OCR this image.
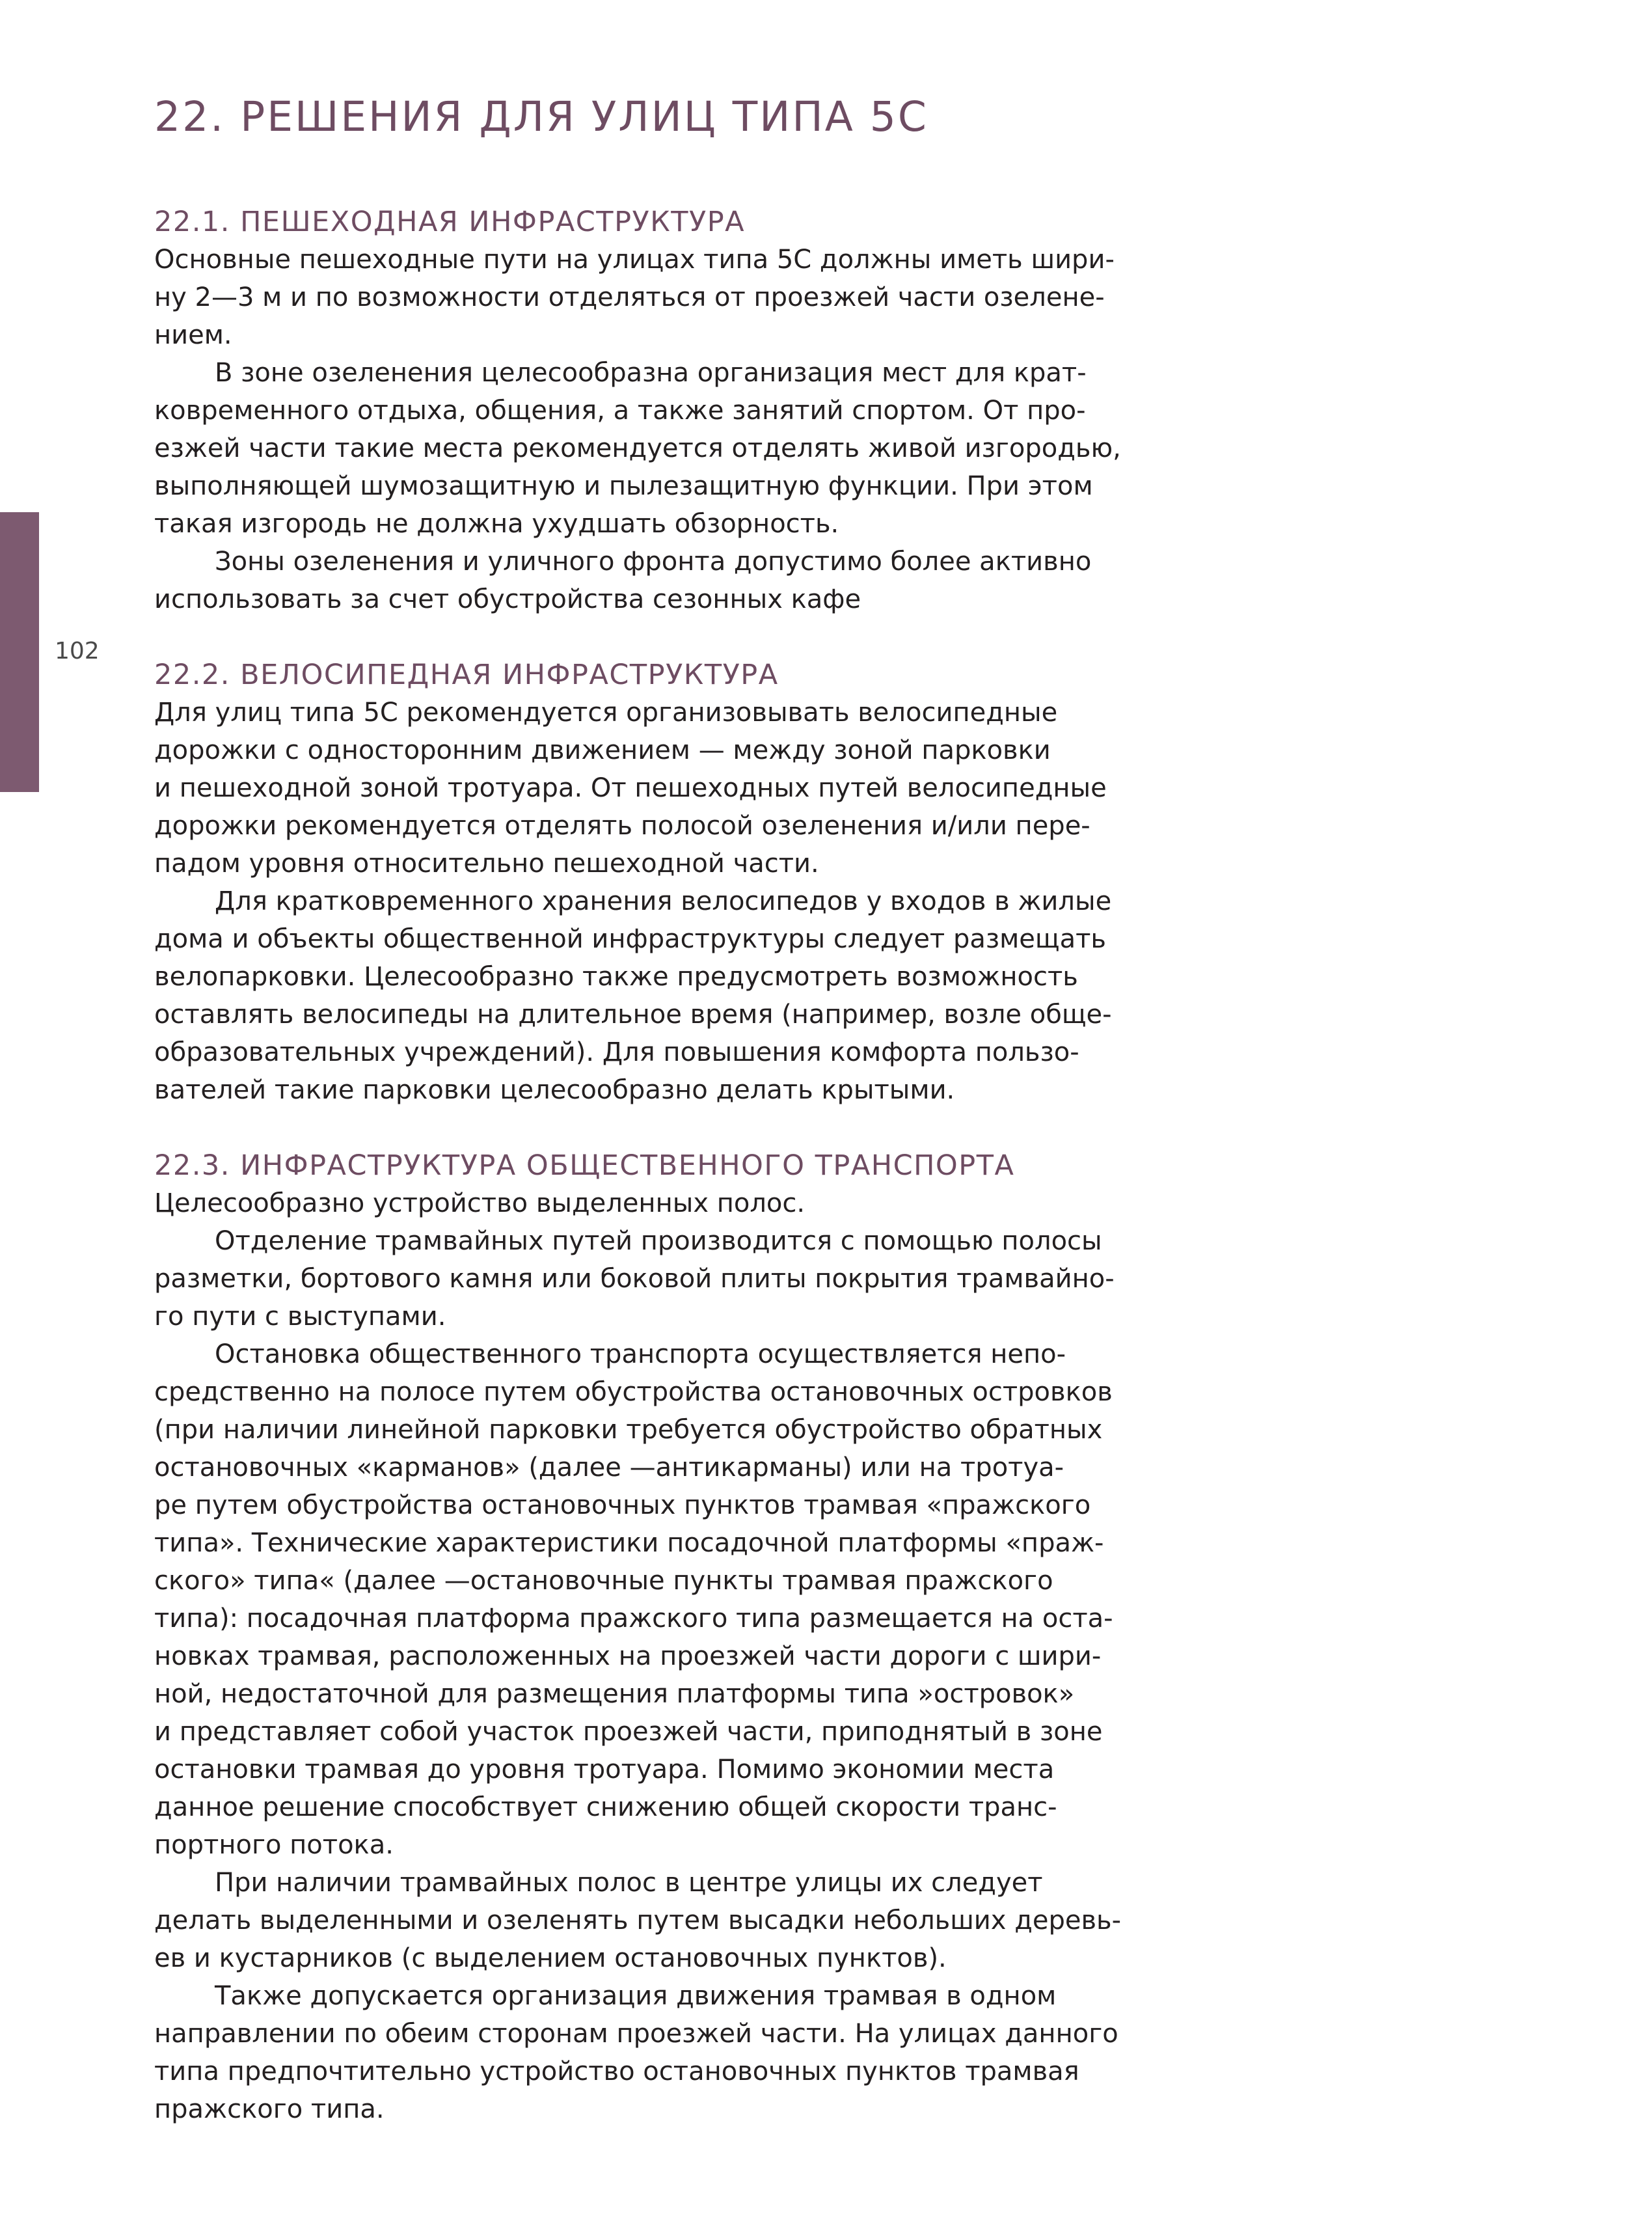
102
22. РЕШЕНИЯ ДЛЯ УЛИЦ ТИПА 5С
22.1. ПЕШЕХОДНАЯ ИНФРАСТРУКТУРА

Основные пешеходные пути на улицах типа 5С должны иметь шири-
ну 2—3 м и по возможности отделяться от проезжей части озелене-
нием.

В зоне озеленения целесообразна организация мест для крат-
ковременного отдыха, общения, а также занятий спортом. От про-
езжей части такие места рекомендуется отделять живой изгородью,
выполняющей шумозащитную и пылезащитную функции. При этом
такая изгородь не должна ухудшать обзорность.

Зоны озеленения и уличного фронта допустимо более активно
использовать за счет обустройства сезонных кафе

22.2. ВЕЛОСИПЕДНАЯ ИНФРАСТРУКТУРА

Для улиц типа 5С рекомендуется организовывать велосипедные
дорожки с односторонним движением — между зоной парковки
и пешеходной зоной тротуара. От пешеходных путей велосипедные
дорожки рекомендуется отделять полосой озеленения и/или пере-
падом уровня относительно пешеходной части.

Для кратковременного хранения велосипедов у входов в жилые
дома и объекты общественной инфраструктуры следует размещать
велопарковки. Целесообразно также предусмотреть возможность
оставлять велосипеды на длительное время (например, возле обще-
образовательных учреждений). Для повышения комфорта пользо-
вателей такие парковки целесообразно делать крытыми.

22.3. ИНФРАСТРУКТУРА ОБЩЕСТВЕННОГО ТРАНСПОРТА

Целесообразно устройство выделенных полос.

Отделение трамвайных путей производится с помощью полосы
разметки, бортового камня или боковой плиты покрытия трамвайно-
го пути с выступами.

Остановка общественного транспорта осуществляется непо-
средственно на полосе путем обустройства остановочных островков
(при наличии линейной парковки требуется обустройство обратных
остановочных «карманов» (далее —антикарманы) или на тротуа-
ре путем обустройства остановочных пунктов трамвая «пражского
типа». Технические характеристики посадочной платформы «праж-
ского» типа« (далее —остановочные пункты трамвая пражского
типа): посадочная платформа пражского типа размещается на оста-
новках трамвая, расположенных на проезжей части дороги с шири-
ной, недостаточной для размещения платформы типа »островок»
и представляет собой участок проезжей части, приподнятый в зоне
остановки трамвая до уровня тротуара. Помимо экономии места
данное решение способствует снижению общей скорости транс-
портного потока.

При наличии трамвайных полос в центре улицы их следует
делать выделенными и озеленять путем высадки небольших деревь-
ев и кустарников (с выделением остановочных пунктов).

Также допускается организация движения трамвая в одном
направлении по обеим сторонам проезжей части. На улицах данного
типа предпочтительно устройство остановочных пунктов трамвая
пражского типа.
